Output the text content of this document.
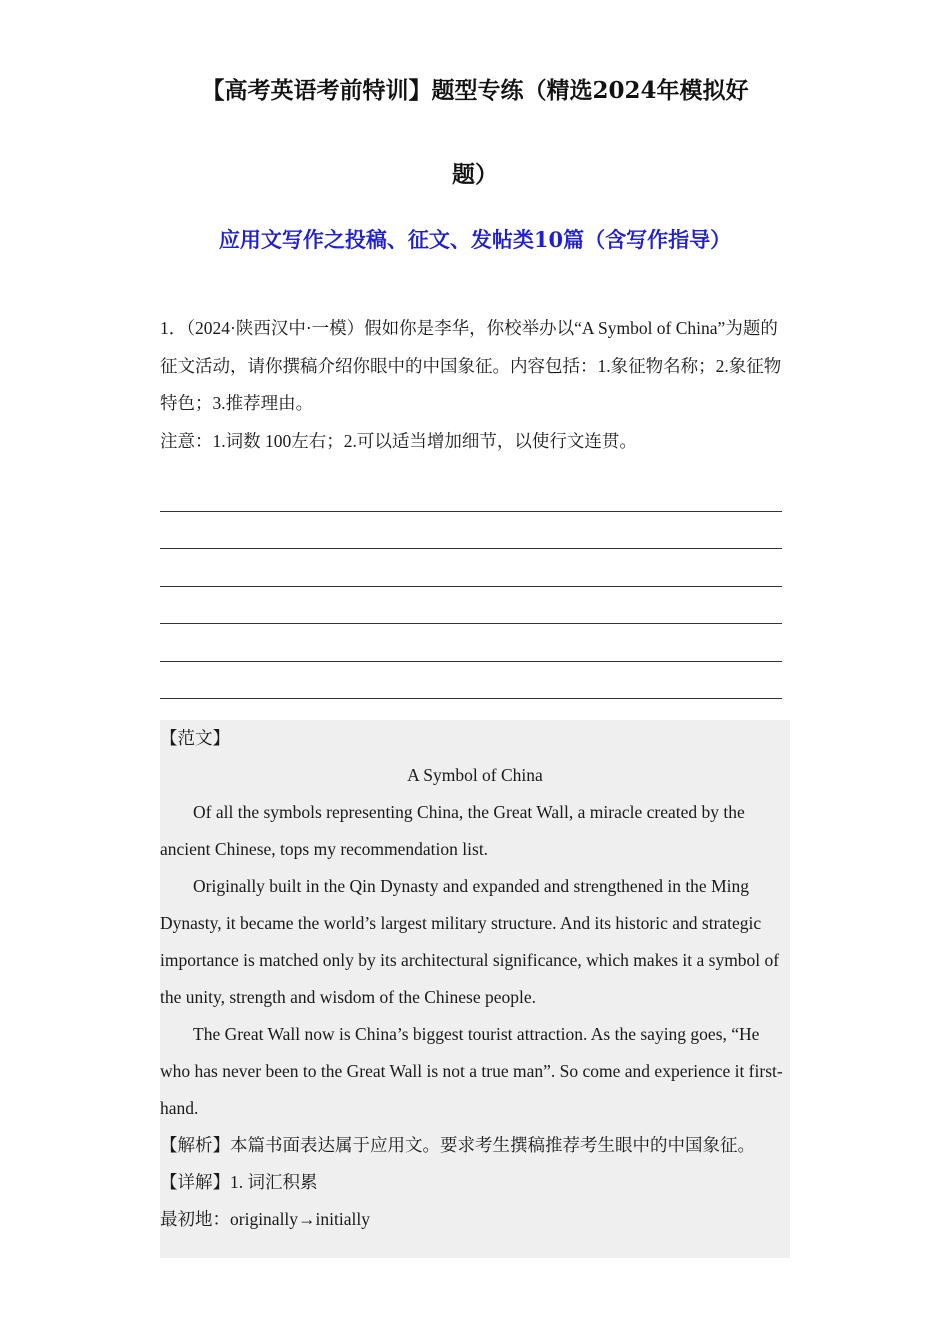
【高考英语考前特训】题型专练（精选2024年模拟好
题）
应用文写作之投稿、征文、发帖类10篇（含写作指导）

1．（2024·陕西汉中·一模）假如你是李华，你校举办以“A Symbol of China”为题的征文活动，请你撰稿介绍你眼中的中国象征。内容包括：1.象征物名称；2.象征物特色；3.推荐理由。

注意：1.词数 100左右；2.可以适当增加细节，以使行文连贯。

【范文】

A Symbol of China

Of all the symbols representing China, the Great Wall, a miracle created by the ancient Chinese, tops my recommendation list.

Originally built in the Qin Dynasty and expanded and strengthened in the Ming Dynasty, it became the world’s largest military structure. And its historic and strategic importance is matched only by its architectural significance, which makes it a symbol of the unity, strength and wisdom of the Chinese people.

The Great Wall now is China’s biggest tourist attraction. As the saying goes, “He who has never been to the Great Wall is not a true man”. So come and experience it first-hand.

【解析】本篇书面表达属于应用文。要求考生撰稿推荐考生眼中的中国象征。

【详解】1. 词汇积累

最初地：originally→initially
